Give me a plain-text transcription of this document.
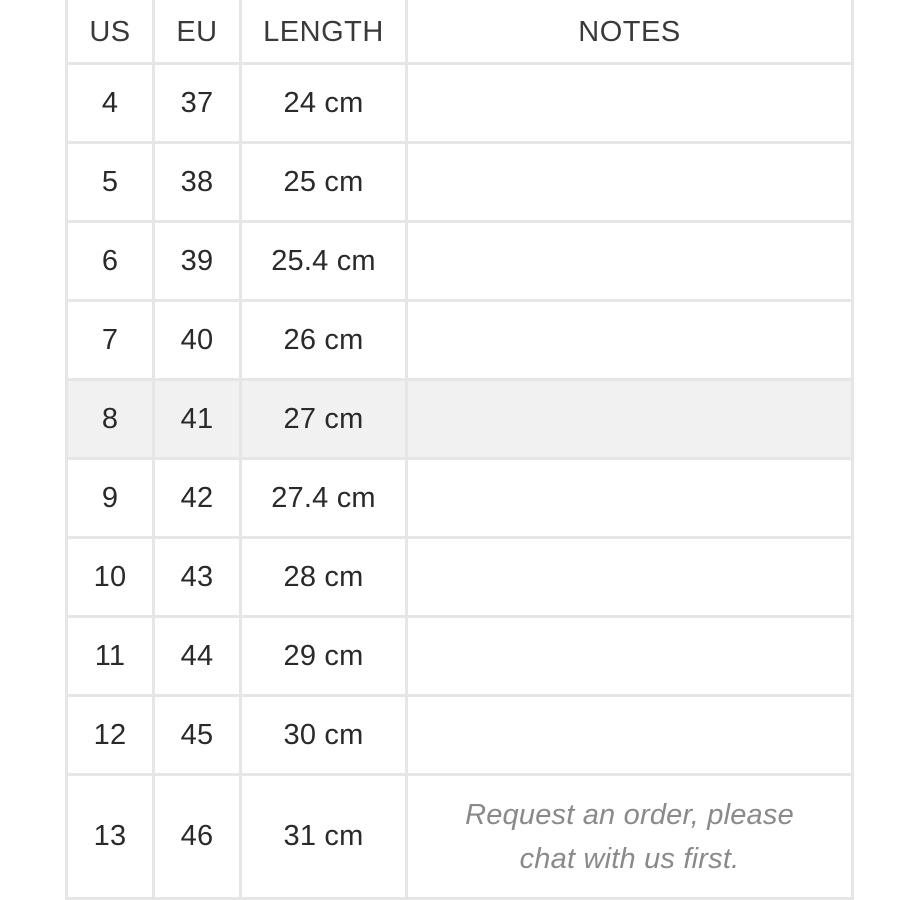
US	EU	LENGTH	NOTES
4	37	24 cm	
5	38	25 cm	
6	39	25.4 cm	
7	40	26 cm	
8	41	27 cm	
9	42	27.4 cm	
10	43	28 cm	
11	44	29 cm	
12	45	30 cm	
13	46	31 cm	Request an order, please chat with us first.
